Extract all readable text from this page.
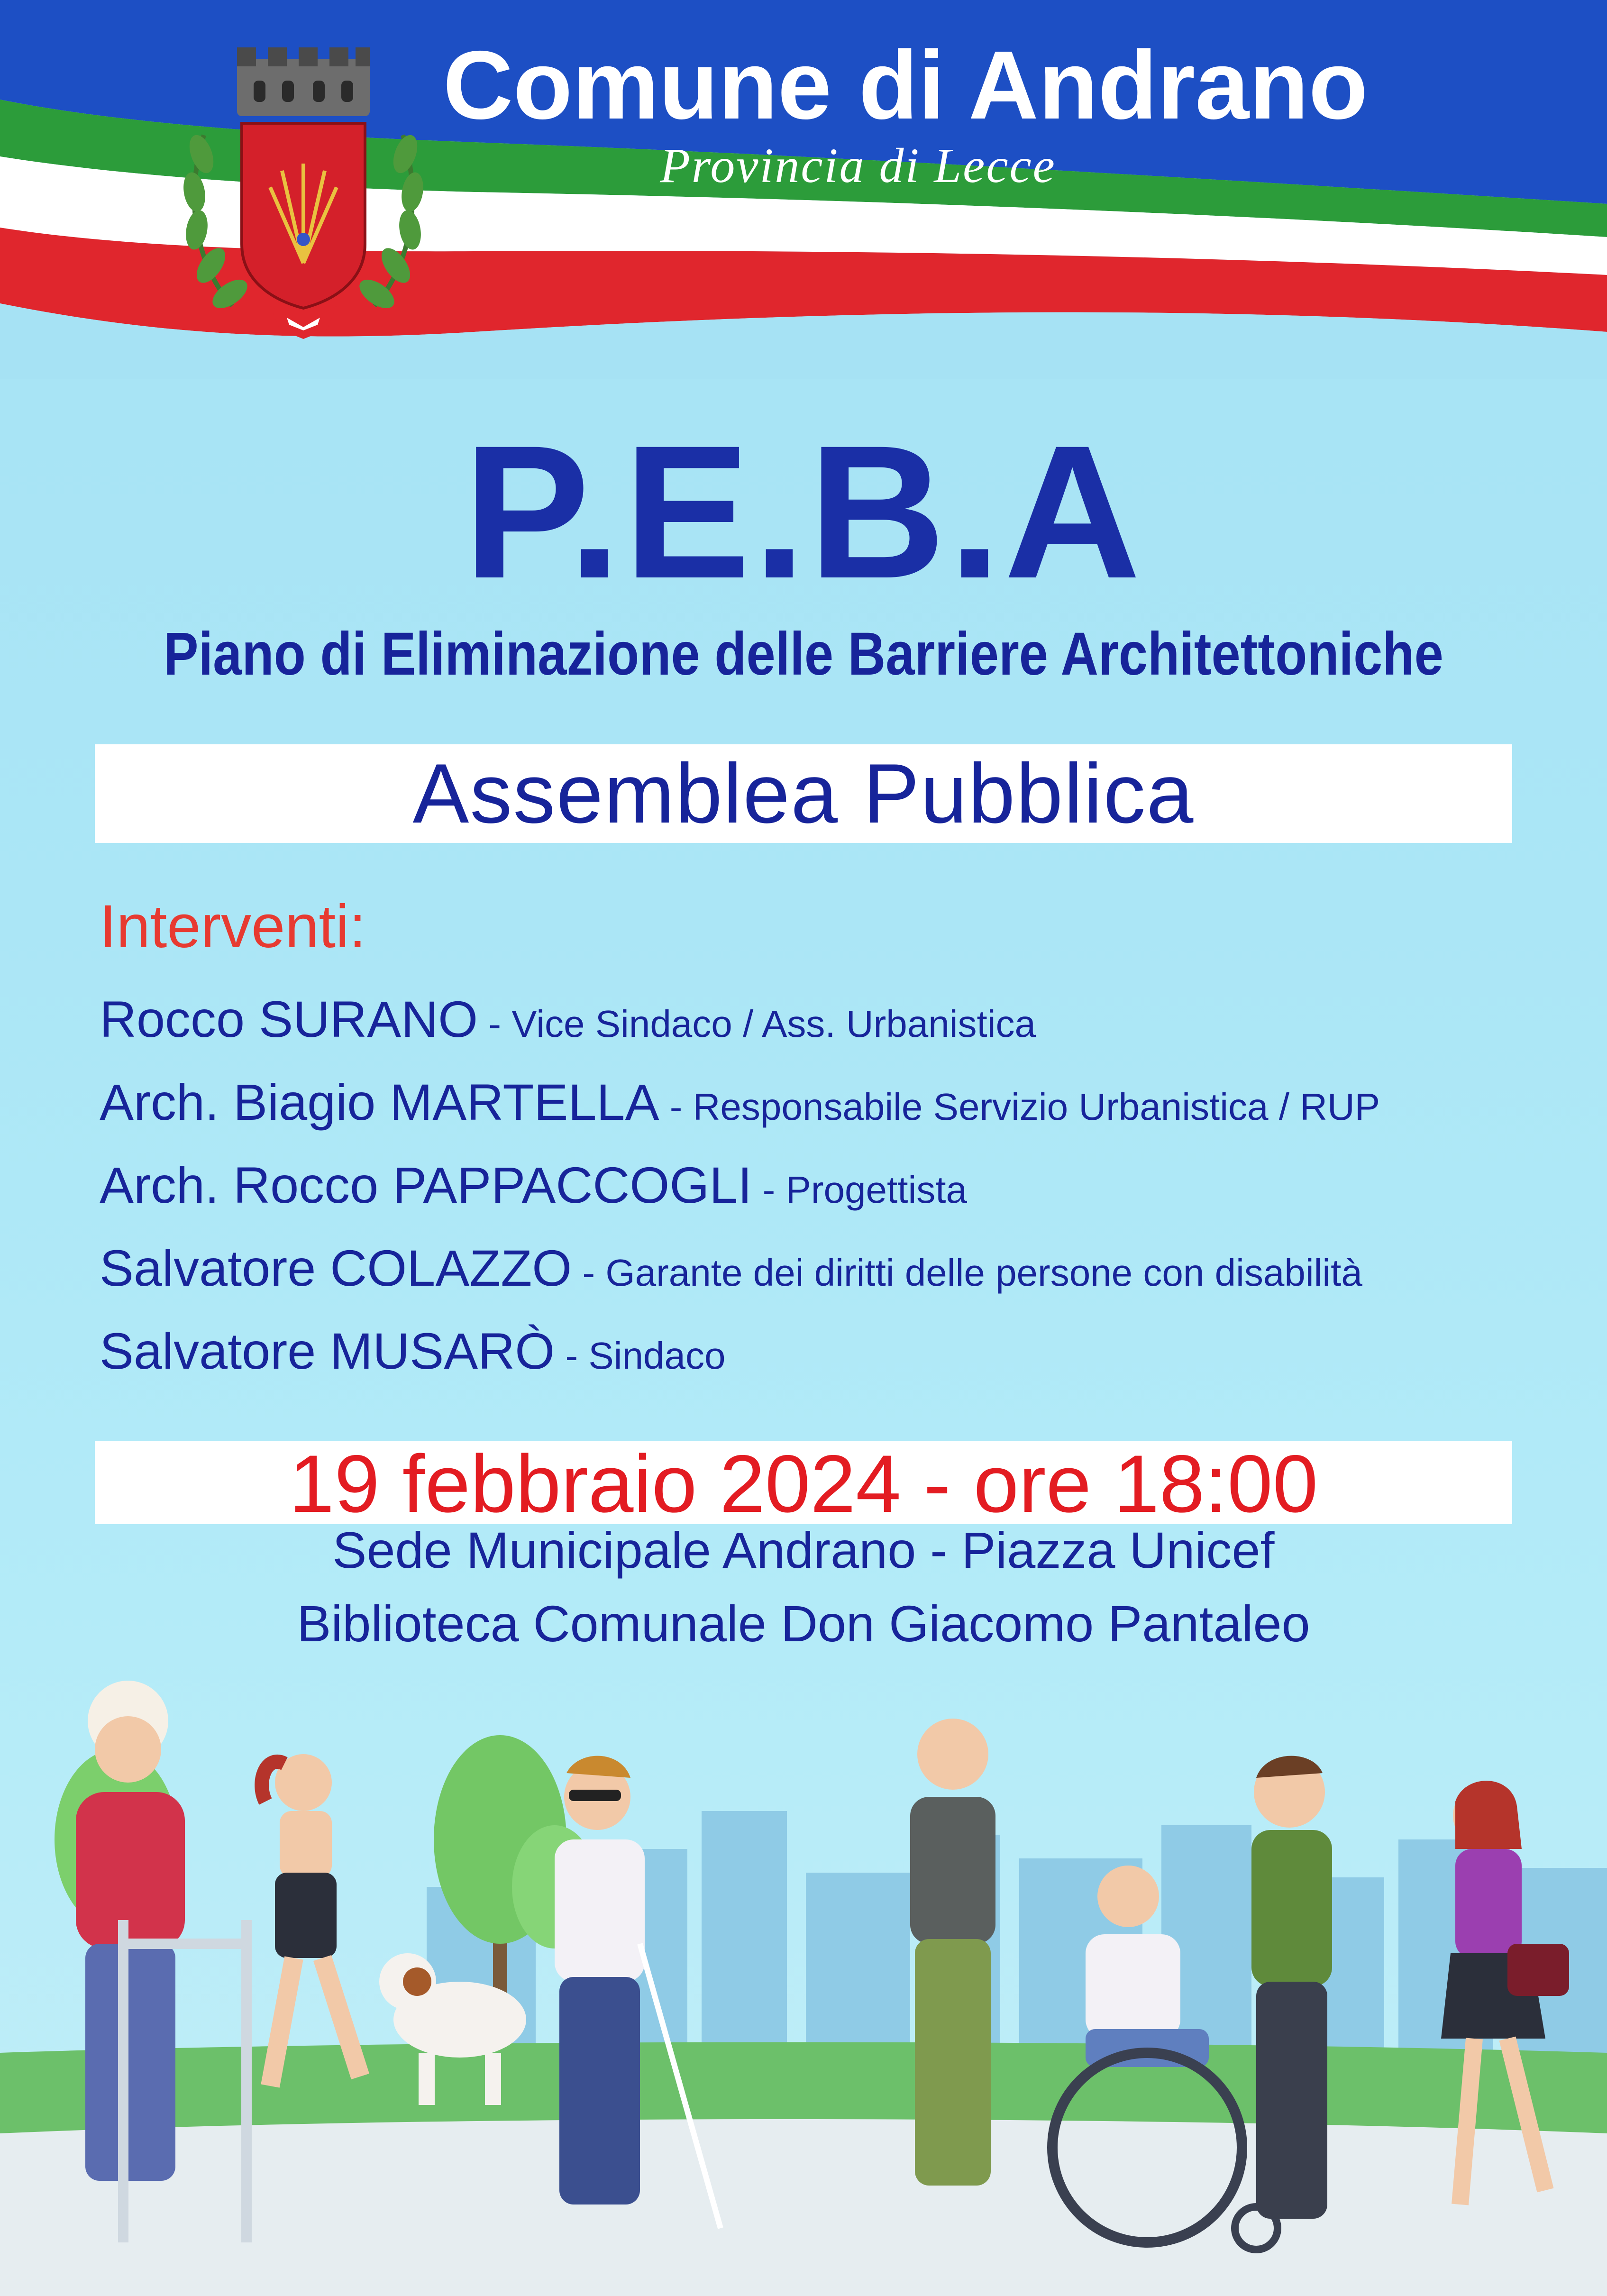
Comune di Andrano
Provincia di Lecce
P.E.B.A
Piano di Eliminazione delle Barriere Architettoniche
Assemblea Pubblica
Interventi:
Rocco SURANO - Vice Sindaco / Ass. Urbanistica
Arch. Biagio MARTELLA - Responsabile Servizio Urbanistica / RUP
Arch. Rocco PAPPACCOGLI - Progettista
Salvatore COLAZZO - Garante dei diritti delle persone con disabilità
Salvatore MUSARÒ - Sindaco
19 febbraio 2024 - ore 18:00
Sede Municipale Andrano - Piazza Unicef
Biblioteca Comunale Don Giacomo Pantaleo
